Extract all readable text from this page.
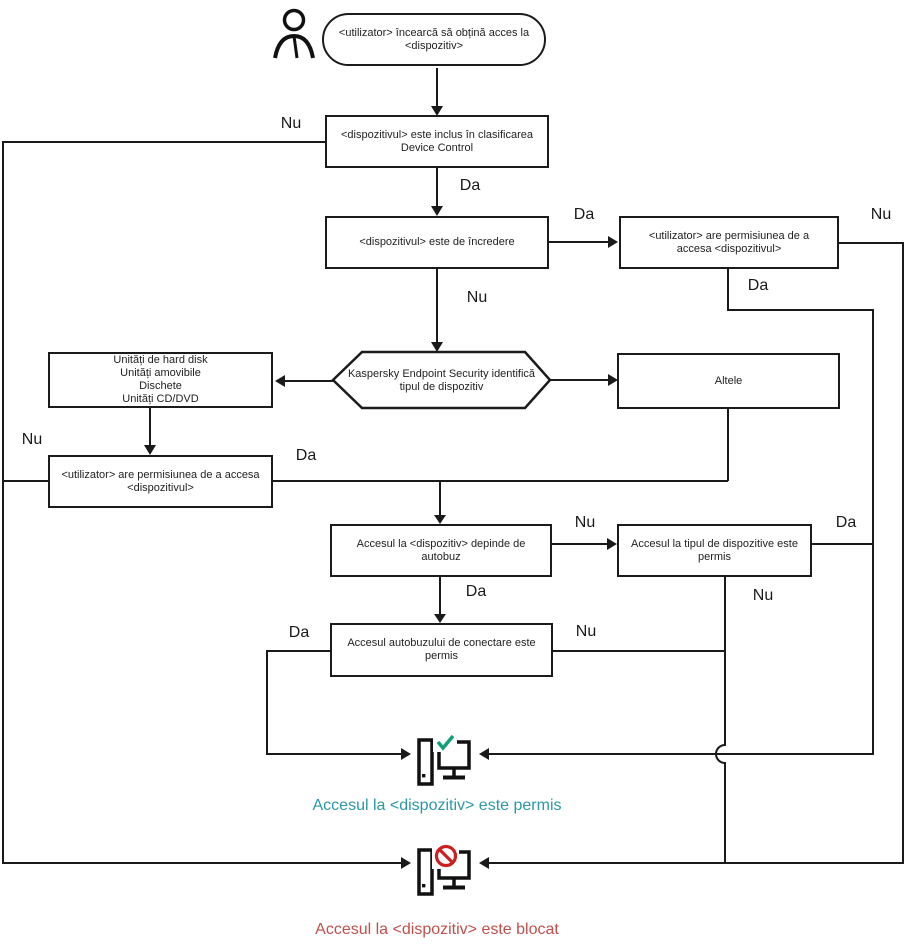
<utilizator> încearcă să obțină acces la <dispozitiv>
<dispozitivul> este inclus în clasificarea Device Control
<dispozitivul> este de încredere
<utilizator> are permisiunea de a accesa <dispozitivul>
Unități de hard disk
Unități amovibile
Dischete
Unități CD/DVD
Kaspersky Endpoint Security identifică tipul de dispozitiv	Altele
<utilizator> are permisiunea de a accesa <dispozitivul>
Accesul la <dispozitiv> depinde de autobuz
Accesul la tipul de dispozitive este permis
Accesul autobuzului de conectare este permis
Nu
Da
Da
Nu
Nu
Da
Nu
Da
Nu
Da
Da
Nu
Da	Nu
Accesul la <dispozitiv> este permis
Accesul la <dispozitiv> este blocat
